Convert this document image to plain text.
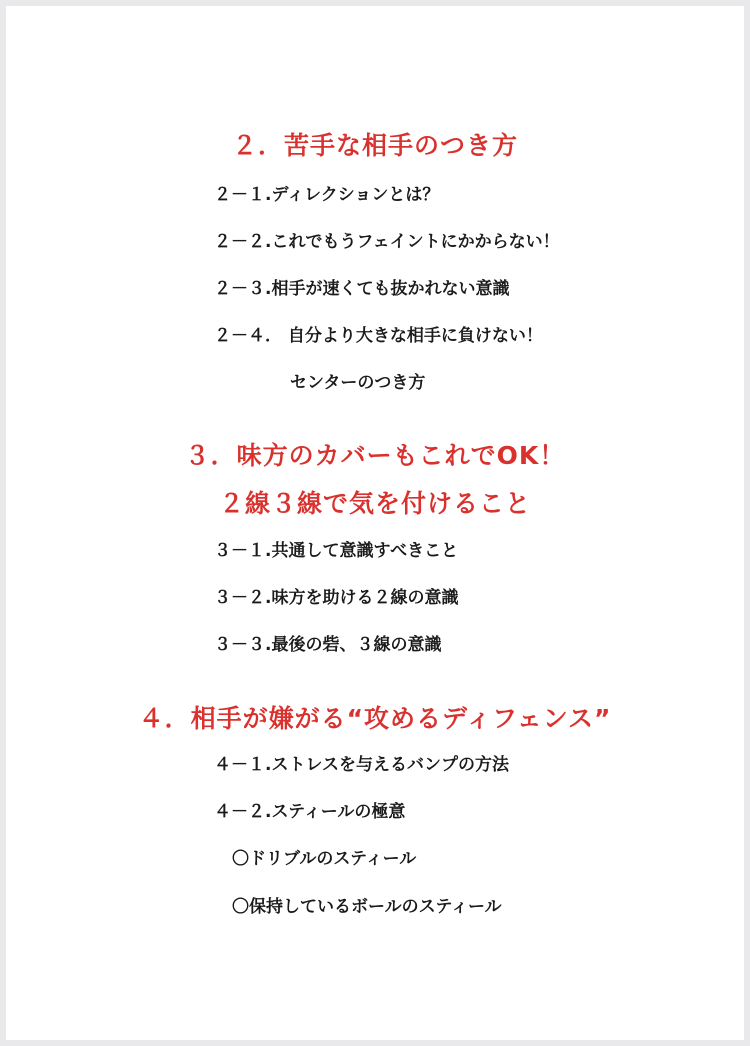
２．苦手な相手のつき方
２－１.ディレクションとは？
２－２.これでもうフェイントにかからない！
２－３.相手が速くても抜かれない意識
２－４． 自分より大きな相手に負けない！
センターのつき方
３．味方のカバーもこれでOK！
２線３線で気を付けること
３－１.共通して意識すべきこと
３－２.味方を助ける２線の意識
３－３.最後の砦、３線の意識
４．相手が嫌がる“攻めるディフェンス”
４－１.ストレスを与えるバンプの方法
４－２.スティールの極意
〇ドリブルのスティール
〇保持しているボールのスティール
